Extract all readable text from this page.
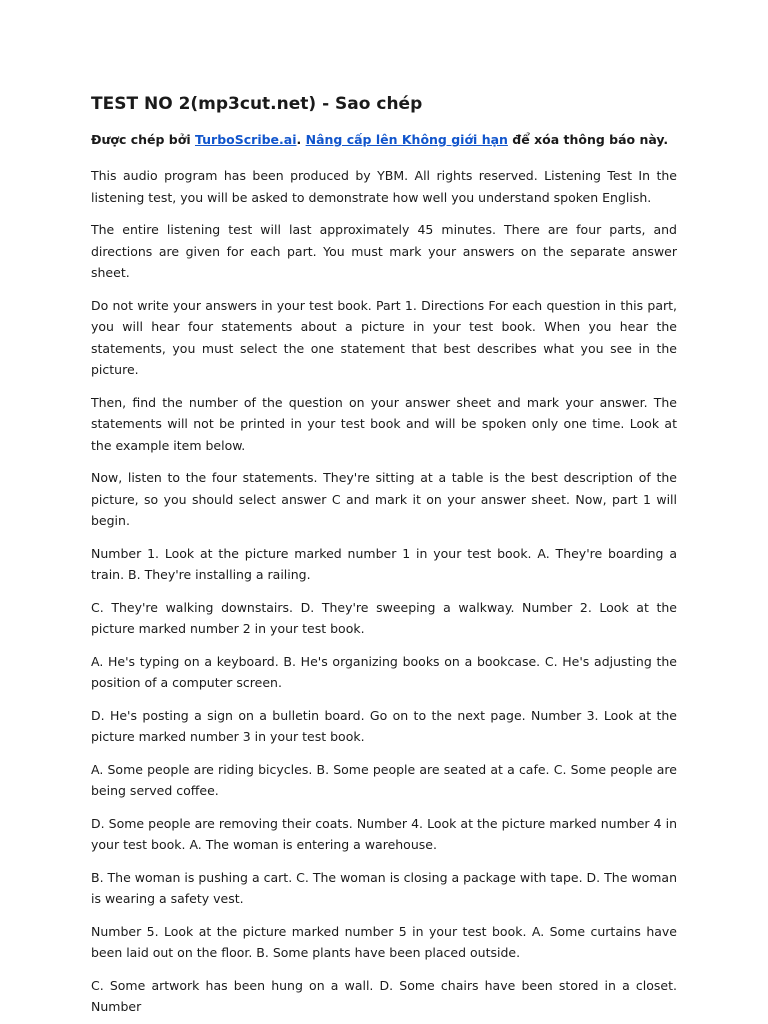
TEST NO 2(mp3cut.net) - Sao chép

Được chép bởi TurboScribe.ai. Nâng cấp lên Không giới hạn để xóa thông báo này.

This audio program has been produced by YBM. All rights reserved. Listening Test In the listening test, you will be asked to demonstrate how well you understand spoken English.

The entire listening test will last approximately 45 minutes. There are four parts, and directions are given for each part. You must mark your answers on the separate answer sheet.

Do not write your answers in your test book. Part 1. Directions For each question in this part, you will hear four statements about a picture in your test book. When you hear the statements, you must select the one statement that best describes what you see in the picture.

Then, find the number of the question on your answer sheet and mark your answer. The statements will not be printed in your test book and will be spoken only one time. Look at the example item below.

Now, listen to the four statements. They're sitting at a table is the best description of the picture, so you should select answer C and mark it on your answer sheet. Now, part 1 will begin.

Number 1. Look at the picture marked number 1 in your test book. A. They're boarding a train. B. They're installing a railing.

C. They're walking downstairs. D. They're sweeping a walkway. Number 2. Look at the picture marked number 2 in your test book.

A. He's typing on a keyboard. B. He's organizing books on a bookcase. C. He's adjusting the position of a computer screen.

D. He's posting a sign on a bulletin board. Go on to the next page. Number 3. Look at the picture marked number 3 in your test book.

A. Some people are riding bicycles. B. Some people are seated at a cafe. C. Some people are being served coffee.

D. Some people are removing their coats. Number 4. Look at the picture marked number 4 in your test book. A. The woman is entering a warehouse.

B. The woman is pushing a cart. C. The woman is closing a package with tape. D. The woman is wearing a safety vest.

Number 5. Look at the picture marked number 5 in your test book. A. Some curtains have been laid out on the floor. B. Some plants have been placed outside.

C. Some artwork has been hung on a wall. D. Some chairs have been stored in a closet. Number
